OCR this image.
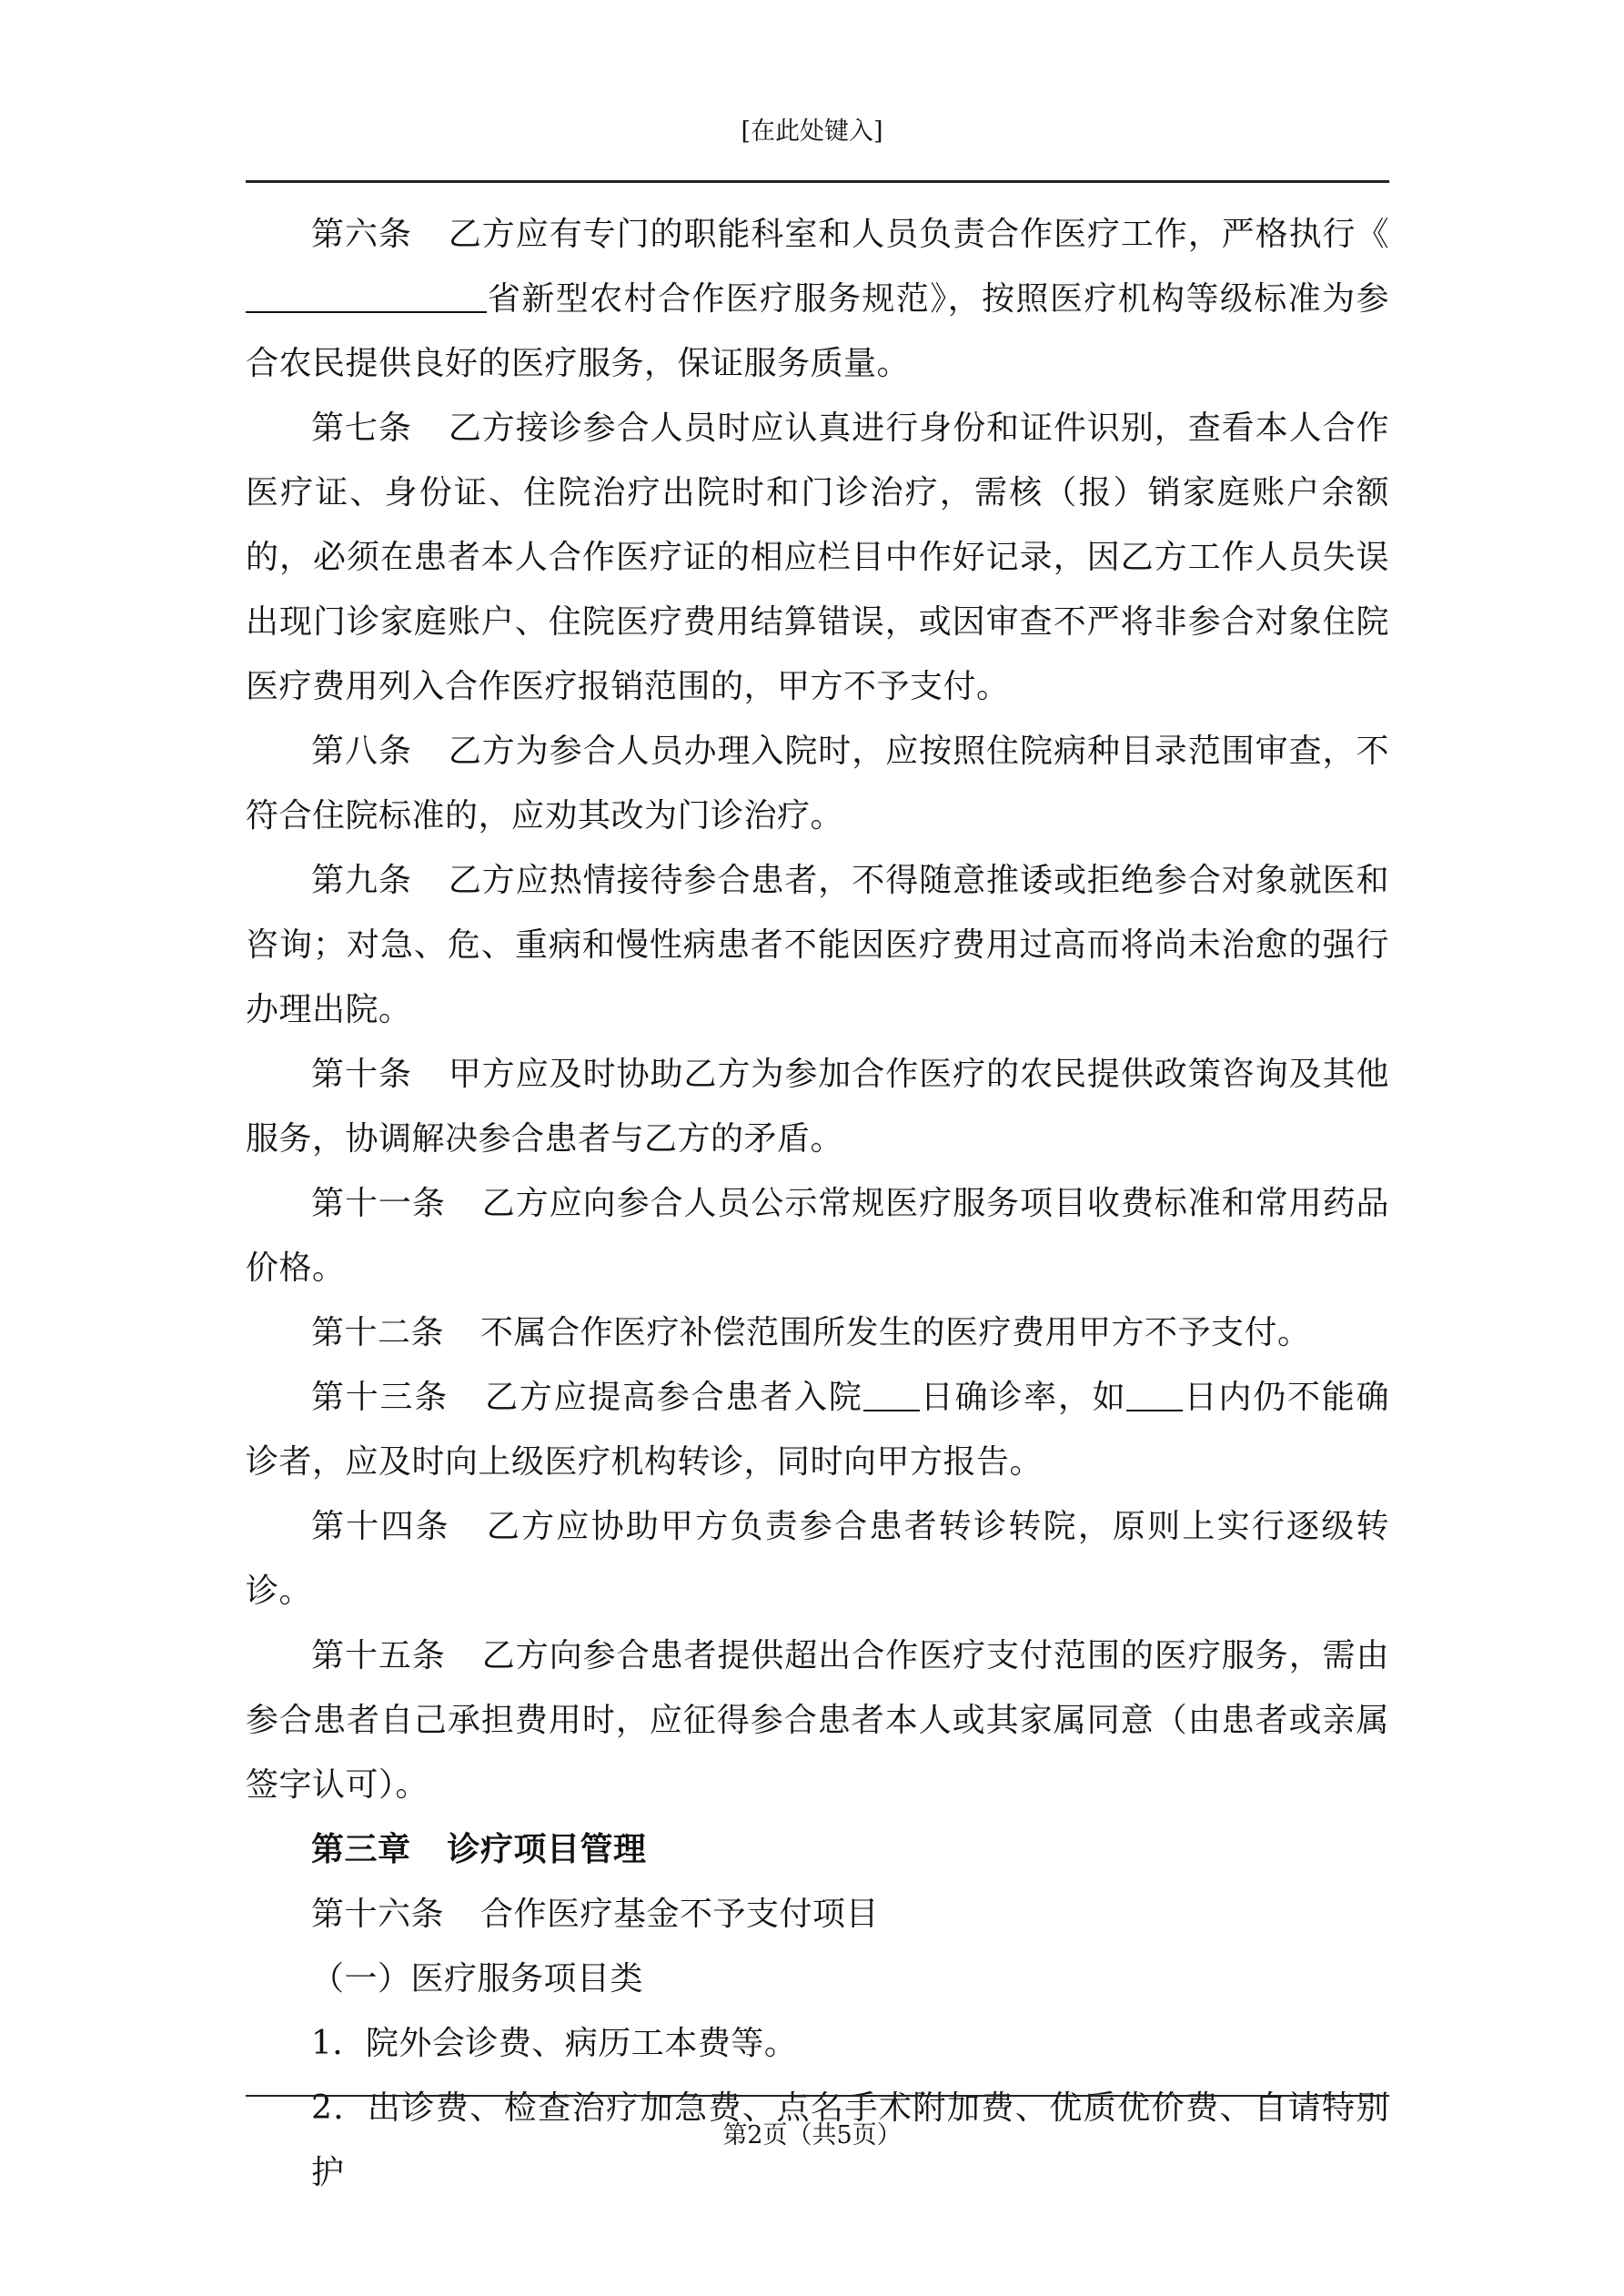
[在此处键入]

第六条 乙方应有专门的职能科室和人员负责合作医疗工作，严格执行《省新型农村合作医疗服务规范》，按照医疗机构等级标准为参合农民提供良好的医疗服务，保证服务质量。

第七条 乙方接诊参合人员时应认真进行身份和证件识别，查看本人合作医疗证、身份证、住院治疗出院时和门诊治疗，需核（报）销家庭账户余额的，必须在患者本人合作医疗证的相应栏目中作好记录，因乙方工作人员失误出现门诊家庭账户、住院医疗费用结算错误，或因审查不严将非参合对象住院医疗费用列入合作医疗报销范围的，甲方不予支付。

第八条 乙方为参合人员办理入院时，应按照住院病种目录范围审查，不符合住院标准的，应劝其改为门诊治疗。

第九条 乙方应热情接待参合患者，不得随意推诿或拒绝参合对象就医和咨询；对急、危、重病和慢性病患者不能因医疗费用过高而将尚未治愈的强行办理出院。

第十条 甲方应及时协助乙方为参加合作医疗的农民提供政策咨询及其他服务，协调解决参合患者与乙方的矛盾。

第十一条 乙方应向参合人员公示常规医疗服务项目收费标准和常用药品价格。

第十二条 不属合作医疗补偿范围所发生的医疗费用甲方不予支付。

第十三条 乙方应提高参合患者入院 日确诊率，如 日内仍不能确诊者，应及时向上级医疗机构转诊，同时向甲方报告。

第十四条 乙方应协助甲方负责参合患者转诊转院，原则上实行逐级转诊。

第十五条 乙方向参合患者提供超出合作医疗支付范围的医疗服务，需由参合患者自己承担费用时，应征得参合患者本人或其家属同意（由患者或亲属签字认可）。

第三章 诊疗项目管理

第十六条 合作医疗基金不予支付项目

（一）医疗服务项目类

1．院外会诊费、病历工本费等。

2．出诊费、检查治疗加急费、点名手术附加费、优质优价费、自请特别护

第2页（共5页）
